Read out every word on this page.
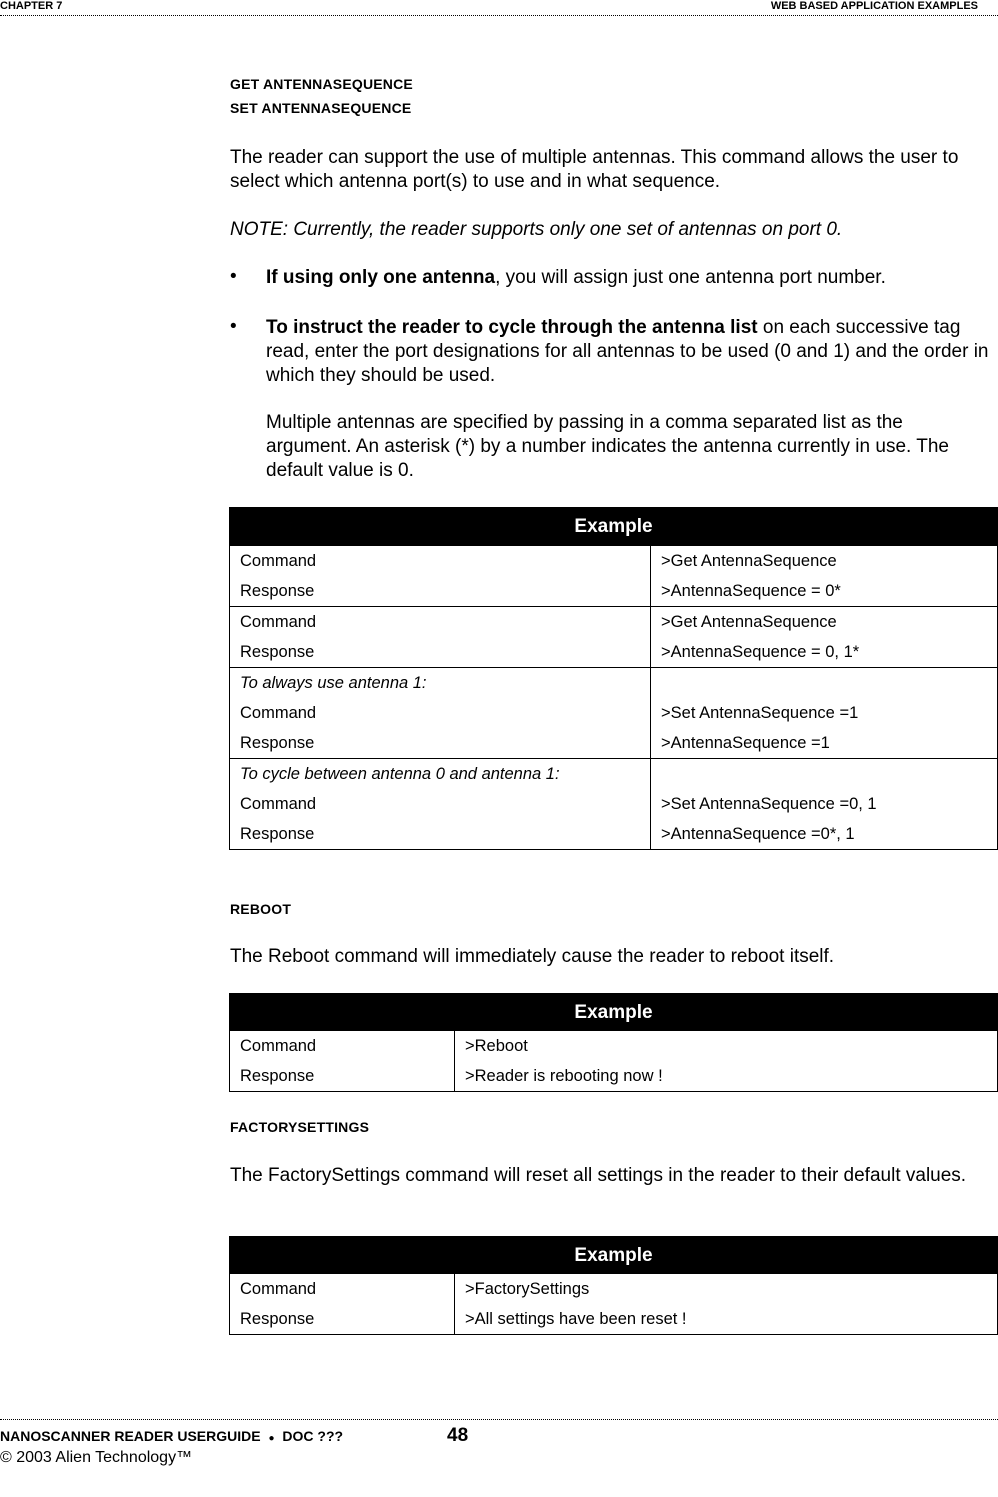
CHAPTER 7	WEB BASED APPLICATION EXAMPLES
GET ANTENNASEQUENCE
SET ANTENNASEQUENCE
The reader can support the use of multiple antennas. This command allows the user to select which antenna port(s) to use and in what sequence.
NOTE: Currently, the reader supports only one set of antennas on port 0.
• If using only one antenna, you will assign just one antenna port number.
• To instruct the reader to cycle through the antenna list on each successive tag read, enter the port designations for all antennas to be used (0 and 1) and the order in which they should be used.
Multiple antennas are specified by passing in a comma separated list as the argument. An asterisk (*) by a number indicates the antenna currently in use. The default value is 0.
Example
Command	>Get AntennaSequence
Response	>AntennaSequence = 0*
Command	>Get AntennaSequence
Response	>AntennaSequence = 0, 1*
To always use antenna 1:
Command	>Set AntennaSequence =1
Response	>AntennaSequence =1
To cycle between antenna 0 and antenna 1:
Command	>Set AntennaSequence =0, 1
Response	>AntennaSequence =0*, 1
REBOOT
The Reboot command will immediately cause the reader to reboot itself.
Example
Command	>Reboot
Response	>Reader is rebooting now !
FACTORYSETTINGS
The FactorySettings command will reset all settings in the reader to their default values.
Example
Command	>FactorySettings
Response	>All settings have been reset !
NANOSCANNER READER USERGUIDE ● DOC ???	48
© 2003 Alien Technology™
